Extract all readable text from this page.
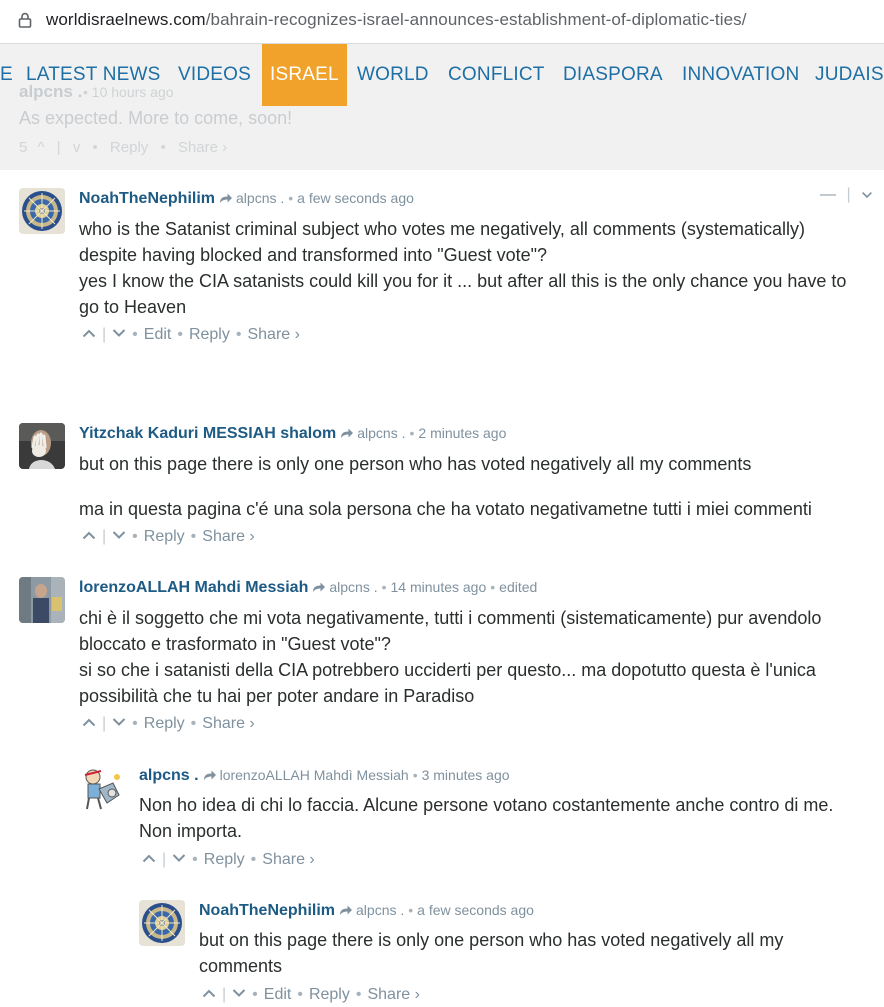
worldisraelnews.com/bahrain-recognizes-israel-announces-establishment-of-diplomatic-ties/
alpcns . • 10 hours ago
As expected. More to come, soon!
5 ^ | v • Reply • Share ›
E LATEST NEWS VIDEOS	ISRAEL WORLD CONFLICT DIASPORA INNOVATION JUDAIS
NoahTheNephilim alpcns . • a few seconds ago	— |
who is the Satanist criminal subject who votes me negatively, all comments (systematically)
despite having blocked and transformed into "Guest vote"?
yes I know the CIA satanists could kill you for it ... but after all this is the only chance you have to
go to Heaven
| • Edit • Reply • Share ›
Yitzchak Kaduri MESSIAH shalom alpcns . • 2 minutes ago
but on this page there is only one person who has voted negatively all my comments
ma in questa pagina c'é una sola persona che ha votato negativametne tutti i miei commenti
| • Reply • Share ›
lorenzoALLAH Mahdi Messiah alpcns . • 14 minutes ago • edited
chi è il soggetto che mi vota negativamente, tutti i commenti (sistematicamente) pur avendolo
bloccato e trasformato in "Guest vote"?
si so che i satanisti della CIA potrebbero ucciderti per questo... ma dopotutto questa è l'unica
possibilità che tu hai per poter andare in Paradiso
| • Reply • Share ›
alpcns . lorenzoALLAH Mahdì Messiah • 3 minutes ago
Non ho idea di chi lo faccia. Alcune persone votano costantemente anche contro di me.
Non importa.
| • Reply • Share ›
NoahTheNephilim alpcns . • a few seconds ago
but on this page there is only one person who has voted negatively all my
comments
| • Edit • Reply • Share ›
